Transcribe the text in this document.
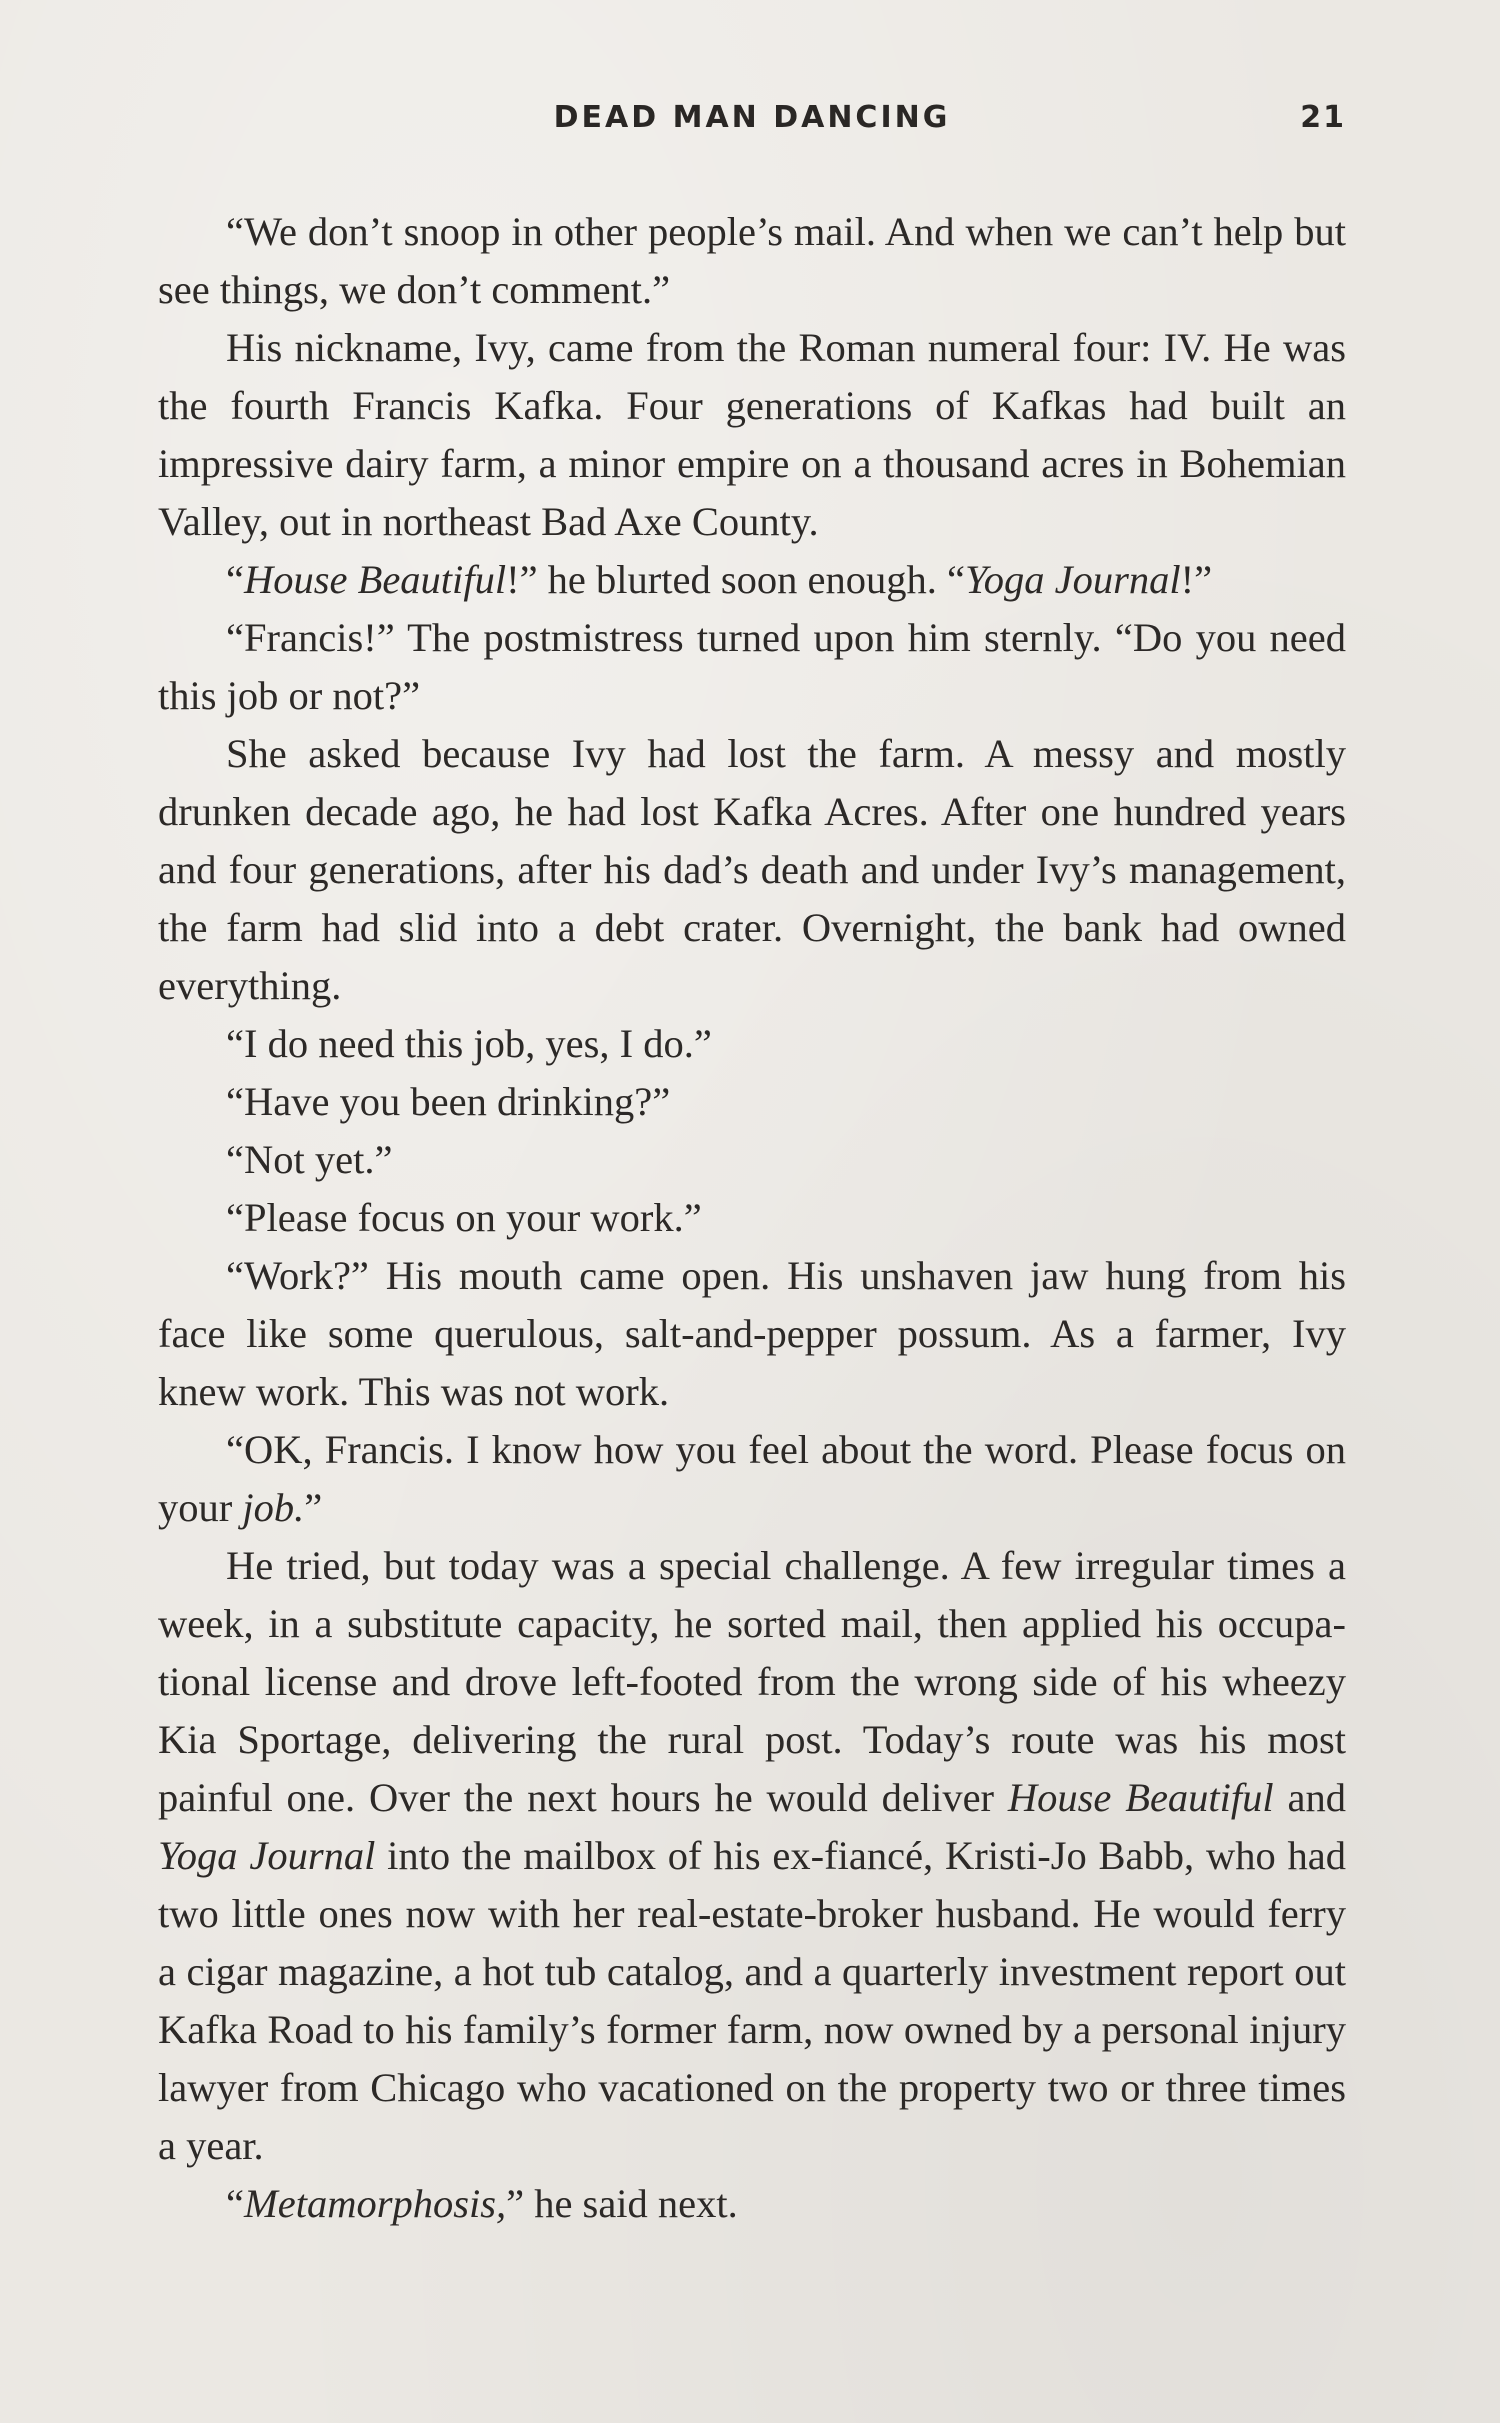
DEAD MAN DANCING	21

“We don’t snoop in other people’s mail. And when we can’t help but see things, we don’t comment.”

His nickname, Ivy, came from the Roman numeral four: IV. He was the fourth Francis Kafka. Four generations of Kafkas had built an impressive dairy farm, a minor empire on a thousand acres in Bohemian Valley, out in northeast Bad Axe County.

“House Beautiful!” he blurted soon enough. “Yoga Journal!”

“Francis!” The postmistress turned upon him sternly. “Do you need this job or not?”

She asked because Ivy had lost the farm. A messy and mostly drunken decade ago, he had lost Kafka Acres. After one hundred years and four generations, after his dad’s death and under Ivy’s management, the farm had slid into a debt crater. Overnight, the bank had owned everything.

“I do need this job, yes, I do.”

“Have you been drinking?”

“Not yet.”

“Please focus on your work.”

“Work?” His mouth came open. His unshaven jaw hung from his face like some querulous, salt-and-pepper possum. As a farmer, Ivy knew work. This was not work.

“OK, Francis. I know how you feel about the word. Please focus on your job.”

He tried, but today was a special challenge. A few irregular times a week, in a substitute capacity, he sorted mail, then applied his occupational license and drove left-footed from the wrong side of his wheezy Kia Sportage, delivering the rural post. Today’s route was his most painful one. Over the next hours he would deliver House Beautiful and Yoga Journal into the mailbox of his ex-fiancé, Kristi-Jo Babb, who had two little ones now with her real-estate-broker husband. He would ferry a cigar magazine, a hot tub catalog, and a quarterly investment report out Kafka Road to his family’s former farm, now owned by a personal injury lawyer from Chicago who vacationed on the property two or three times a year.

“Metamorphosis,” he said next.
